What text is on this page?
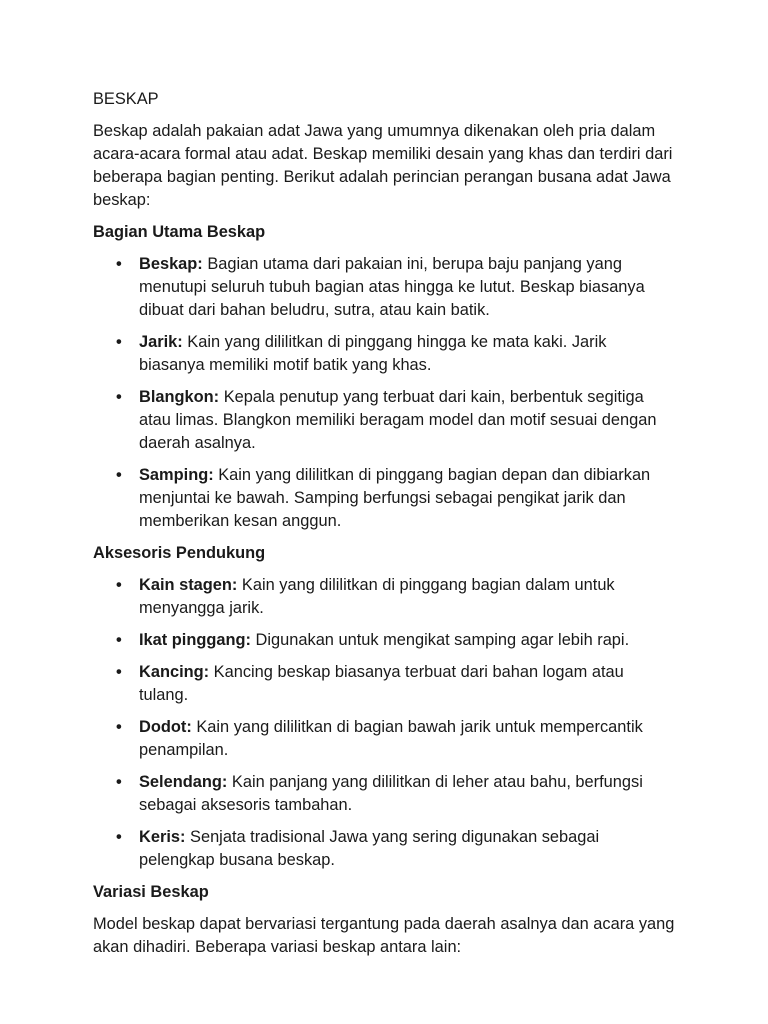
BESKAP

Beskap adalah pakaian adat Jawa yang umumnya dikenakan oleh pria dalam acara-acara formal atau adat. Beskap memiliki desain yang khas dan terdiri dari beberapa bagian penting. Berikut adalah perincian perangan busana adat Jawa beskap:

Bagian Utama Beskap

• Beskap: Bagian utama dari pakaian ini, berupa baju panjang yang menutupi seluruh tubuh bagian atas hingga ke lutut. Beskap biasanya dibuat dari bahan beludru, sutra, atau kain batik.
• Jarik: Kain yang dililitkan di pinggang hingga ke mata kaki. Jarik biasanya memiliki motif batik yang khas.
• Blangkon: Kepala penutup yang terbuat dari kain, berbentuk segitiga atau limas. Blangkon memiliki beragam model dan motif sesuai dengan daerah asalnya.
• Samping: Kain yang dililitkan di pinggang bagian depan dan dibiarkan menjuntai ke bawah. Samping berfungsi sebagai pengikat jarik dan memberikan kesan anggun.

Aksesoris Pendukung

• Kain stagen: Kain yang dililitkan di pinggang bagian dalam untuk menyangga jarik.
• Ikat pinggang: Digunakan untuk mengikat samping agar lebih rapi.
• Kancing: Kancing beskap biasanya terbuat dari bahan logam atau tulang.
• Dodot: Kain yang dililitkan di bagian bawah jarik untuk mempercantik penampilan.
• Selendang: Kain panjang yang dililitkan di leher atau bahu, berfungsi sebagai aksesoris tambahan.
• Keris: Senjata tradisional Jawa yang sering digunakan sebagai pelengkap busana beskap.

Variasi Beskap

Model beskap dapat bervariasi tergantung pada daerah asalnya dan acara yang akan dihadiri. Beberapa variasi beskap antara lain:
